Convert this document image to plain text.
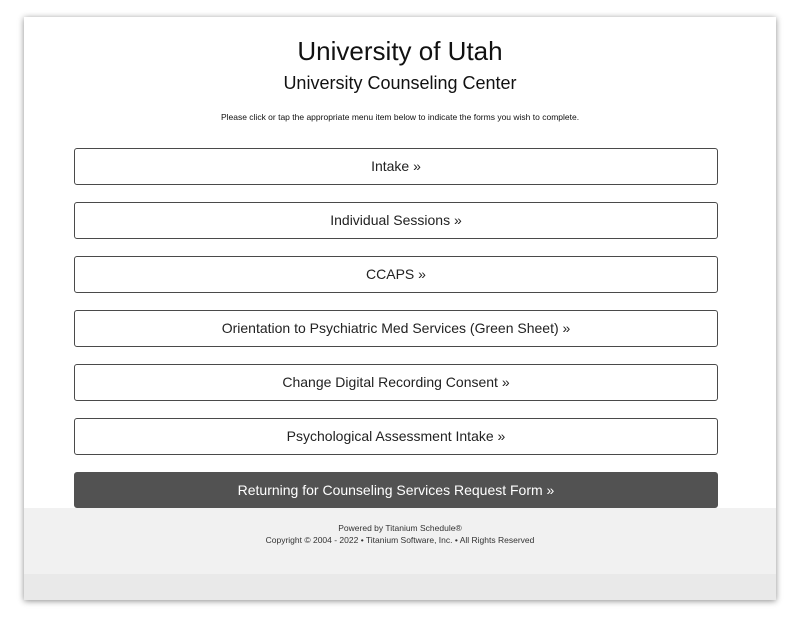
University of Utah
University Counseling Center
Please click or tap the appropriate menu item below to indicate the forms you wish to complete.
Intake »
Individual Sessions »
CCAPS »
Orientation to Psychiatric Med Services (Green Sheet) »
Change Digital Recording Consent »
Psychological Assessment Intake »
Returning for Counseling Services Request Form »
Powered by Titanium Schedule®
Copyright © 2004 - 2022 • Titanium Software, Inc. • All Rights Reserved
